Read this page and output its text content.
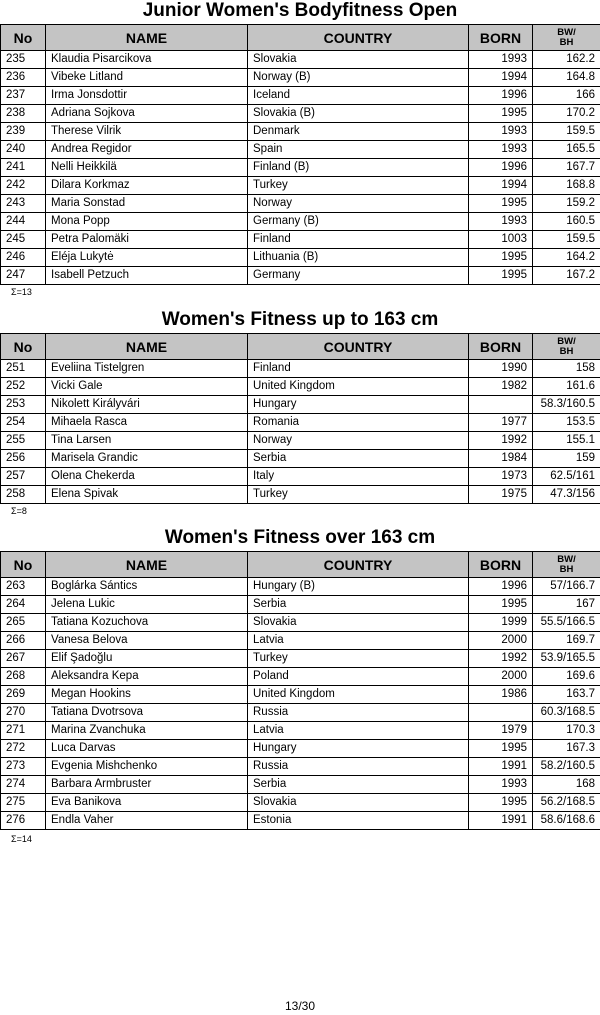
Junior Women's Bodyfitness Open
No	NAME	COUNTRY	BORN	BW/
BH
235	Klaudia Pisarcikova	Slovakia	1993	162.2
236	Vibeke Litland	Norway (B)	1994	164.8
237	Irma Jonsdottir	Iceland	1996	166
238	Adriana Sojkova	Slovakia (B)	1995	170.2
239	Therese Vilrik	Denmark	1993	159.5
240	Andrea Regidor	Spain	1993	165.5
241	Nelli Heikkilä	Finland (B)	1996	167.7
242	Dilara Korkmaz	Turkey	1994	168.8
243	Maria Sonstad	Norway	1995	159.2
244	Mona Popp	Germany (B)	1993	160.5
245	Petra Palomäki	Finland	1003	159.5
246	Eléja Lukytė	Lithuania (B)	1995	164.2
247	Isabell Petzuch	Germany	1995	167.2
Σ=13
Women's Fitness up to 163 cm
No	NAME	COUNTRY	BORN	BW/
BH
251	Eveliina Tistelgren	Finland	1990	158
252	Vicki Gale	United Kingdom	1982	161.6
253	Nikolett Királyvári	Hungary		58.3/160.5
254	Mihaela Rasca	Romania	1977	153.5
255	Tina Larsen	Norway	1992	155.1
256	Marisela Grandic	Serbia	1984	159
257	Olena Chekerda	Italy	1973	62.5/161
258	Elena Spivak	Turkey	1975	47.3/156
Σ=8
Women's Fitness over 163 cm
No	NAME	COUNTRY	BORN	BW/
BH
263	Boglárka Sántics	Hungary (B)	1996	57/166.7
264	Jelena Lukic	Serbia	1995	167
265	Tatiana Kozuchova	Slovakia	1999	55.5/166.5
266	Vanesa Belova	Latvia	2000	169.7
267	Elif Şadoğlu	Turkey	1992	53.9/165.5
268	Aleksandra Kepa	Poland	2000	169.6
269	Megan Hookins	United Kingdom	1986	163.7
270	Tatiana Dvotrsova	Russia		60.3/168.5
271	Marina Zvanchuka	Latvia	1979	170.3
272	Luca Darvas	Hungary	1995	167.3
273	Evgenia Mishchenko	Russia	1991	58.2/160.5
274	Barbara Armbruster	Serbia	1993	168
275	Eva Banikova	Slovakia	1995	56.2/168.5
276	Endla Vaher	Estonia	1991	58.6/168.6
Σ=14
13/30
